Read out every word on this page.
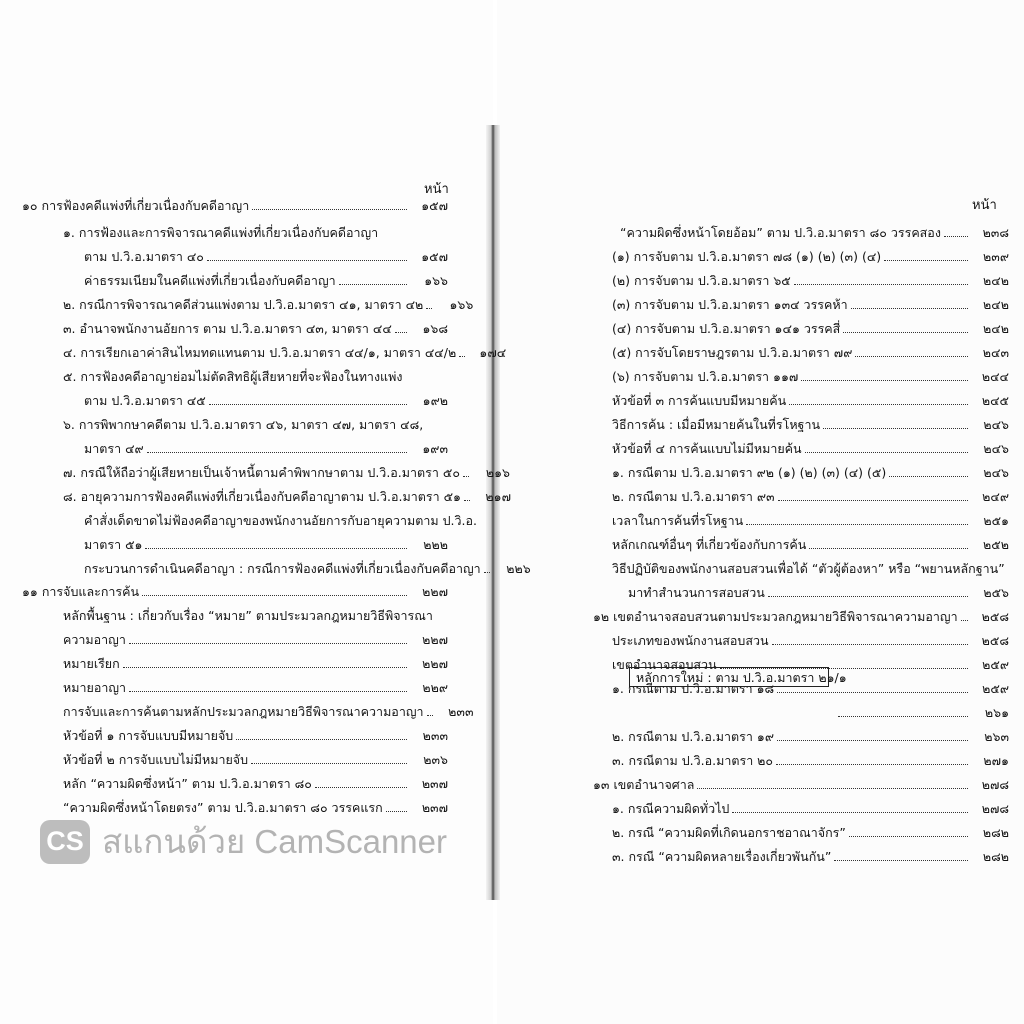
หน้า
หน้า
๑๐ การฟ้องคดีแพ่งที่เกี่ยวเนื่องกับคดีอาญา	๑๕๗
๑. การฟ้องและการพิจารณาคดีแพ่งที่เกี่ยวเนื่องกับคดีอาญา
ตาม ป.วิ.อ.มาตรา ๔๐	๑๕๗
ค่าธรรมเนียมในคดีแพ่งที่เกี่ยวเนื่องกับคดีอาญา	๑๖๖
๒. กรณีการพิจารณาคดีส่วนแพ่งตาม ป.วิ.อ.มาตรา ๔๑, มาตรา ๔๒	๑๖๖
๓. อำนาจพนักงานอัยการ ตาม ป.วิ.อ.มาตรา ๔๓, มาตรา ๔๔	๑๖๘
๔. การเรียกเอาค่าสินไหมทดแทนตาม ป.วิ.อ.มาตรา ๔๔/๑, มาตรา ๔๔/๒	๑๗๔
๕. การฟ้องคดีอาญาย่อมไม่ตัดสิทธิผู้เสียหายที่จะฟ้องในทางแพ่ง
ตาม ป.วิ.อ.มาตรา ๔๕	๑๙๒
๖. การพิพากษาคดีตาม ป.วิ.อ.มาตรา ๔๖, มาตรา ๔๗, มาตรา ๔๘,
มาตรา ๔๙	๑๙๓
๗. กรณีให้ถือว่าผู้เสียหายเป็นเจ้าหนี้ตามคำพิพากษาตาม ป.วิ.อ.มาตรา ๕๐	๒๑๖
๘. อายุความการฟ้องคดีแพ่งที่เกี่ยวเนื่องกับคดีอาญาตาม ป.วิ.อ.มาตรา ๕๑	๒๑๗
คำสั่งเด็ดขาดไม่ฟ้องคดีอาญาของพนักงานอัยการกับอายุความตาม ป.วิ.อ.
มาตรา ๕๑	๒๒๒
กระบวนการดำเนินคดีอาญา : กรณีการฟ้องคดีแพ่งที่เกี่ยวเนื่องกับคดีอาญา	๒๒๖
๑๑ การจับและการค้น	๒๒๗
หลักพื้นฐาน : เกี่ยวกับเรื่อง “หมาย” ตามประมวลกฎหมายวิธีพิจารณา
ความอาญา	๒๒๗
หมายเรียก	๒๒๗
หมายอาญา	๒๒๙
การจับและการค้นตามหลักประมวลกฎหมายวิธีพิจารณาความอาญา	๒๓๓
หัวข้อที่ ๑ การจับแบบมีหมายจับ	๒๓๓
หัวข้อที่ ๒ การจับแบบไม่มีหมายจับ	๒๓๖
หลัก “ความผิดซึ่งหน้า” ตาม ป.วิ.อ.มาตรา ๘๐	๒๓๗
“ความผิดซึ่งหน้าโดยตรง” ตาม ป.วิ.อ.มาตรา ๘๐ วรรคแรก	๒๓๗
“ความผิดซึ่งหน้าโดยอ้อม” ตาม ป.วิ.อ.มาตรา ๘๐ วรรคสอง	๒๓๘
(๑) การจับตาม ป.วิ.อ.มาตรา ๗๘ (๑) (๒) (๓) (๔)	๒๓๙
(๒) การจับตาม ป.วิ.อ.มาตรา ๖๕	๒๔๒
(๓) การจับตาม ป.วิ.อ.มาตรา ๑๓๔ วรรคห้า	๒๔๒
(๔) การจับตาม ป.วิ.อ.มาตรา ๑๔๑ วรรคสี่	๒๔๒
(๕) การจับโดยราษฎรตาม ป.วิ.อ.มาตรา ๗๙	๒๔๓
(๖) การจับตาม ป.วิ.อ.มาตรา ๑๑๗	๒๔๔
หัวข้อที่ ๓ การค้นแบบมีหมายค้น	๒๔๕
วิธีการค้น : เมื่อมีหมายค้นในที่รโหฐาน	๒๔๖
หัวข้อที่ ๔ การค้นแบบไม่มีหมายค้น	๒๔๖
๑. กรณีตาม ป.วิ.อ.มาตรา ๙๒ (๑) (๒) (๓) (๔) (๕)	๒๔๖
๒. กรณีตาม ป.วิ.อ.มาตรา ๙๓	๒๔๙
เวลาในการค้นที่รโหฐาน	๒๕๑
หลักเกณฑ์อื่นๆ ที่เกี่ยวข้องกับการค้น	๒๕๒
วิธีปฏิบัติของพนักงานสอบสวนเพื่อได้ “ตัวผู้ต้องหา” หรือ “พยานหลักฐาน”
มาทำสำนวนการสอบสวน	๒๕๖
๑๒ เขตอำนาจสอบสวนตามประมวลกฎหมายวิธีพิจารณาความอาญา	๒๕๘
ประเภทของพนักงานสอบสวน	๒๕๘
เขตอำนาจสอบสวน	๒๕๙
๑. กรณีตาม ป.วิ.อ.มาตรา ๑๘	๒๕๙
๒๖๑
๒. กรณีตาม ป.วิ.อ.มาตรา ๑๙	๒๖๓
๓. กรณีตาม ป.วิ.อ.มาตรา ๒๐	๒๗๑
๑๓ เขตอำนาจศาล	๒๗๘
๑. กรณีความผิดทั่วไป	๒๗๘
๒. กรณี “ความผิดที่เกิดนอกราชอาณาจักร”	๒๘๒
๓. กรณี “ความผิดหลายเรื่องเกี่ยวพันกัน”	๒๘๒
หลักการใหม่ : ตาม ป.วิ.อ.มาตรา ๒๑/๑
CS สแกนด้วย CamScanner
